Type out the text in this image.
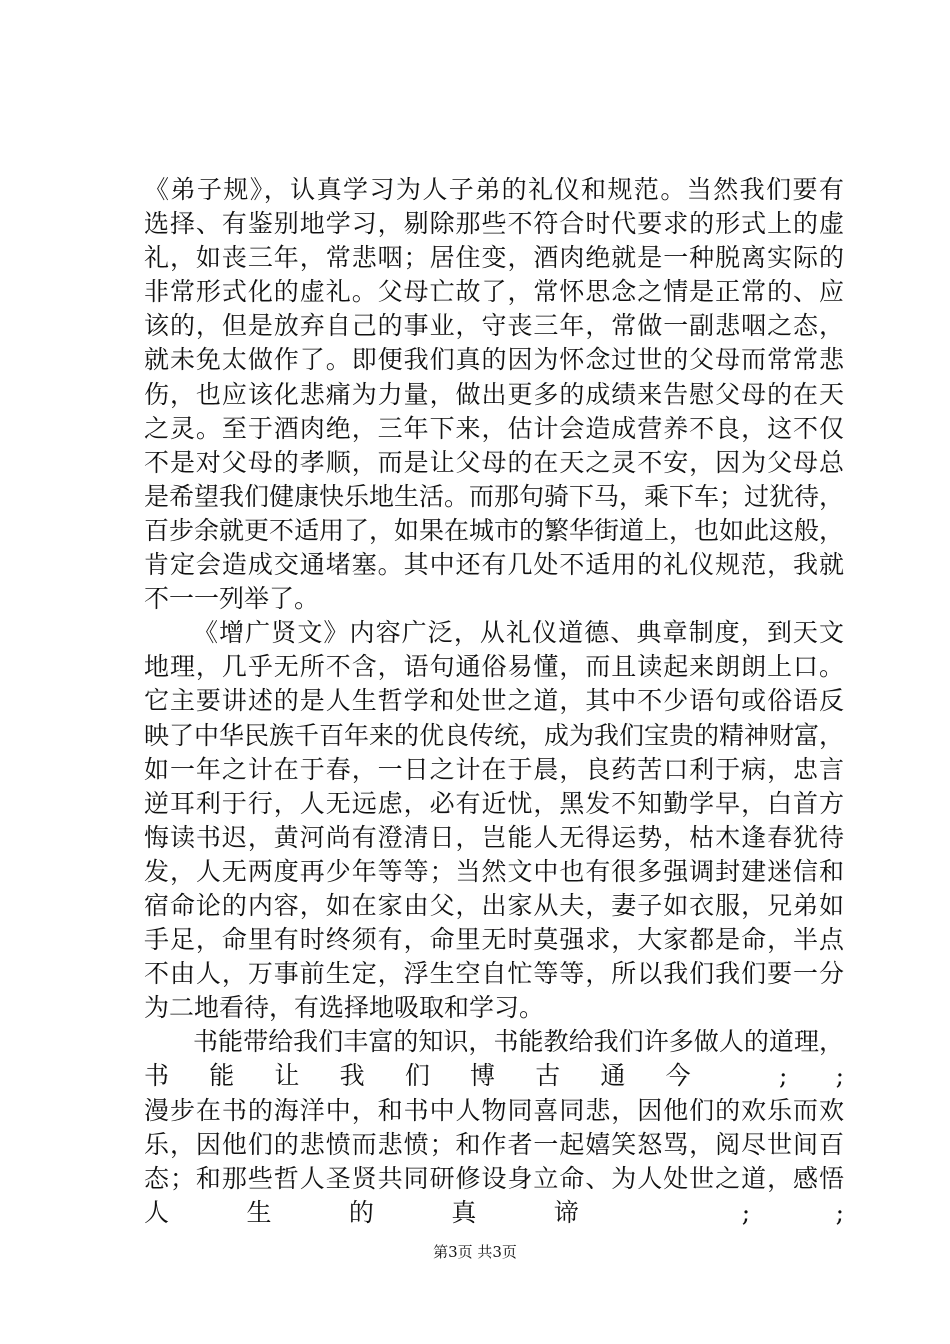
《弟子规》，认真学习为人子弟的礼仪和规范。当然我们要有
选择、有鉴别地学习，剔除那些不符合时代要求的形式上的虚
礼，如丧三年，常悲咽；居住变，酒肉绝就是一种脱离实际的
非常形式化的虚礼。父母亡故了，常怀思念之情是正常的、应
该的，但是放弃自己的事业，守丧三年，常做一副悲咽之态，
就未免太做作了。即便我们真的因为怀念过世的父母而常常悲
伤，也应该化悲痛为力量，做出更多的成绩来告慰父母的在天
之灵。至于酒肉绝，三年下来，估计会造成营养不良，这不仅
不是对父母的孝顺，而是让父母的在天之灵不安，因为父母总
是希望我们健康快乐地生活。而那句骑下马，乘下车；过犹待，
百步余就更不适用了，如果在城市的繁华街道上，也如此这般，
肯定会造成交通堵塞。其中还有几处不适用的礼仪规范，我就
不一一列举了。
《增广贤文》内容广泛，从礼仪道德、典章制度，到天文
地理，几乎无所不含，语句通俗易懂，而且读起来朗朗上口。
它主要讲述的是人生哲学和处世之道，其中不少语句或俗语反
映了中华民族千百年来的优良传统，成为我们宝贵的精神财富，
如一年之计在于春，一日之计在于晨，良药苦口利于病，忠言
逆耳利于行，人无远虑，必有近忧，黑发不知勤学早，白首方
悔读书迟，黄河尚有澄清日，岂能人无得运势，枯木逢春犹待
发，人无两度再少年等等；当然文中也有很多强调封建迷信和
宿命论的内容，如在家由父，出家从夫，妻子如衣服，兄弟如
手足，命里有时终须有，命里无时莫强求，大家都是命，半点
不由人，万事前生定，浮生空自忙等等，所以我们我们要一分
为二地看待，有选择地吸取和学习。
书能带给我们丰富的知识，书能教给我们许多做人的道理，
书能让我们博古通今 ; ;
漫步在书的海洋中，和书中人物同喜同悲，因他们的欢乐而欢
乐，因他们的悲愤而悲愤；和作者一起嬉笑怒骂，阅尽世间百
态；和那些哲人圣贤共同研修设身立命、为人处世之道，感悟
人生的真谛 ; ;
第3页 共3页
